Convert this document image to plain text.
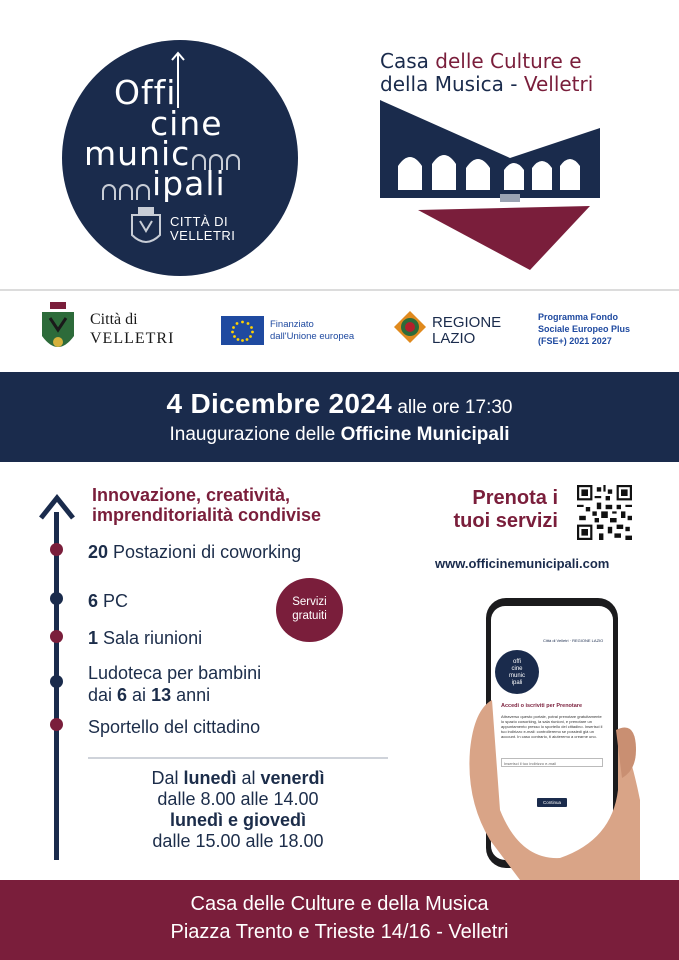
Offi
cine
munic
ipali
CITTÀ DI
VELLETRI
Casa delle Culture e
della Musica - Velletri
Città di
VELLETRI
Finanziato
dall'Unione europea
REGIONE
LAZIO
Programma Fondo
Sociale Europeo Plus
(FSE+) 2021 2027
4 Dicembre 2024 alle ore 17:30
Inaugurazione delle Officine Municipali
Innovazione, creatività,
imprenditorialità condivise
20 Postazioni di coworking
6 PC
1 Sala riunioni
Ludoteca per bambini
dai 6 ai 13 anni
Sportello del cittadino
Servizi
gratuiti
Dal lunedì al venerdì
dalle 8.00 alle 14.00
lunedì e giovedì
dalle 15.00 alle 18.00
Prenota i
tuoi servizi
www.officinemunicipali.com
Città di Velletri · REGIONE LAZIO
offi
cine
munic
ipali
Accedi o iscriviti per Prenotare
Attraverso questo portale, potrai prenotare gratuitamente lo spazio coworking, la sala riunioni, e prenotare un appuntamento presso lo sportello del cittadino. Inserisci il tuo indirizzo e-mail: controlleremo se possiedi già un account. In caso contrario, ti aiuteremo a crearne uno.
Inserisci il tuo indirizzo e-mail
Continua
Casa delle Culture e della Musica
Piazza Trento e Trieste 14/16 - Velletri
